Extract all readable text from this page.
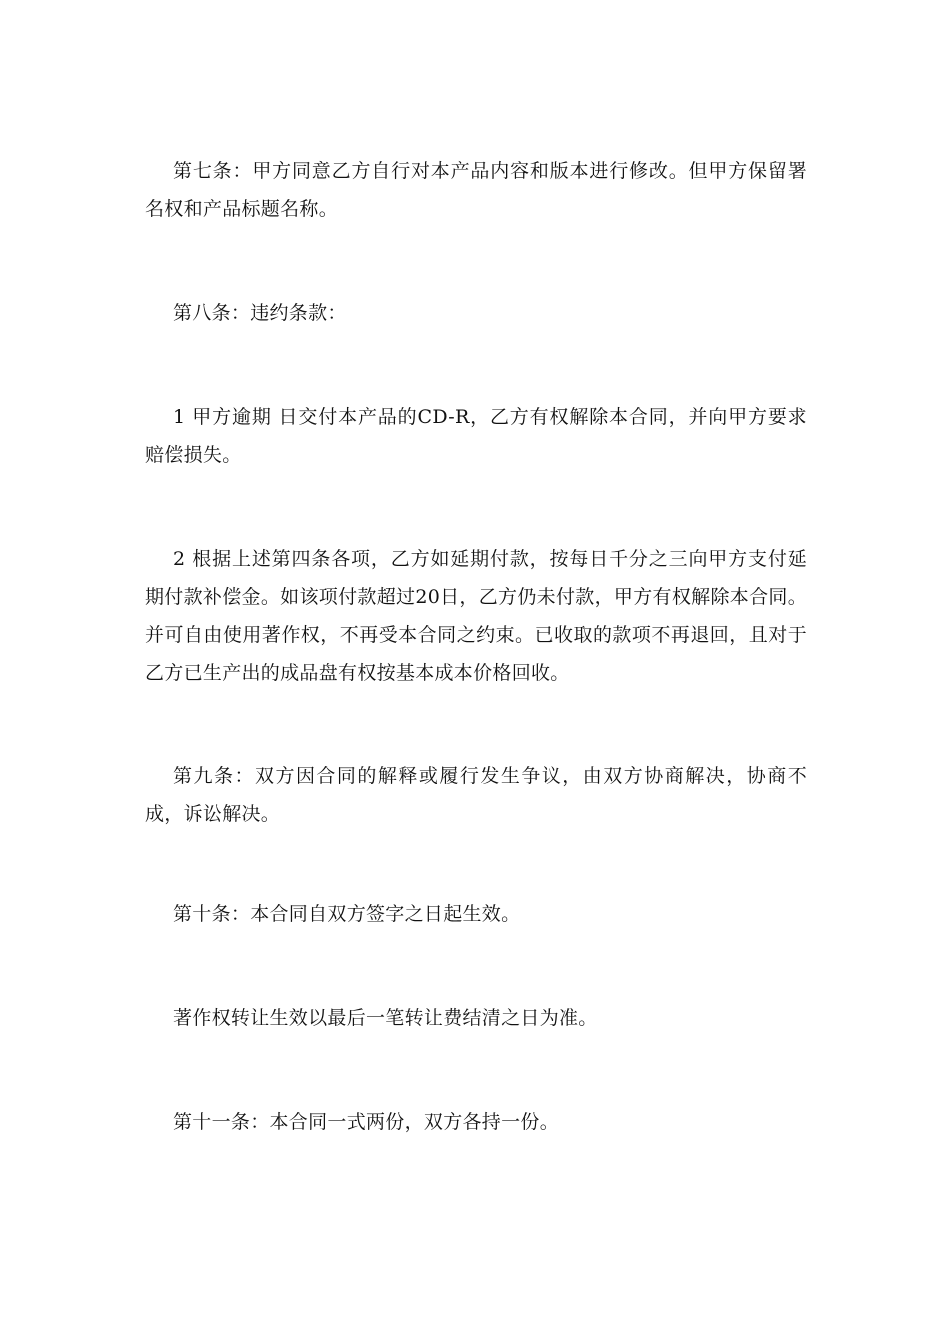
第七条：甲方同意乙方自行对本产品内容和版本进行修改。但甲方保留署名权和产品标题名称。

第八条：违约条款：

1 甲方逾期 日交付本产品的CD-R，乙方有权解除本合同，并向甲方要求赔偿损失。

2 根据上述第四条各项，乙方如延期付款，按每日千分之三向甲方支付延期付款补偿金。如该项付款超过20日，乙方仍未付款，甲方有权解除本合同。并可自由使用著作权，不再受本合同之约束。已收取的款项不再退回，且对于乙方已生产出的成品盘有权按基本成本价格回收。

第九条：双方因合同的解释或履行发生争议，由双方协商解决，协商不成，诉讼解决。

第十条：本合同自双方签字之日起生效。

著作权转让生效以最后一笔转让费结清之日为准。

第十一条：本合同一式两份，双方各持一份。
